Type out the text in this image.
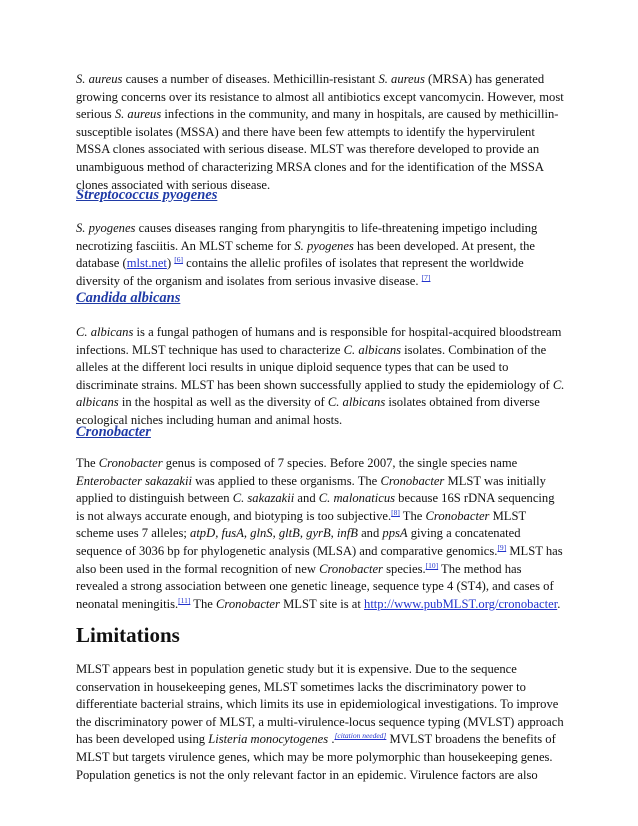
S. aureus causes a number of diseases. Methicillin-resistant S. aureus (MRSA) has generated growing concerns over its resistance to almost all antibiotics except vancomycin. However, most serious S. aureus infections in the community, and many in hospitals, are caused by methicillin-susceptible isolates (MSSA) and there have been few attempts to identify the hypervirulent MSSA clones associated with serious disease. MLST was therefore developed to provide an unambiguous method of characterizing MRSA clones and for the identification of the MSSA clones associated with serious disease.

Streptococcus pyogenes

S. pyogenes causes diseases ranging from pharyngitis to life-threatening impetigo including necrotizing fasciitis. An MLST scheme for S. pyogenes has been developed. At present, the database (mlst.net) [6] contains the allelic profiles of isolates that represent the worldwide diversity of the organism and isolates from serious invasive disease. [7]

Candida albicans

C. albicans is a fungal pathogen of humans and is responsible for hospital-acquired bloodstream infections. MLST technique has used to characterize C. albicans isolates. Combination of the alleles at the different loci results in unique diploid sequence types that can be used to discriminate strains. MLST has been shown successfully applied to study the epidemiology of C. albicans in the hospital as well as the diversity of C. albicans isolates obtained from diverse ecological niches including human and animal hosts.

Cronobacter

The Cronobacter genus is composed of 7 species. Before 2007, the single species name Enterobacter sakazakii was applied to these organisms. The Cronobacter MLST was initially applied to distinguish between C. sakazakii and C. malonaticus because 16S rDNA sequencing is not always accurate enough, and biotyping is too subjective.[8] The Cronobacter MLST scheme uses 7 alleles; atpD, fusA, glnS, gltB, gyrB, infB and ppsA giving a concatenated sequence of 3036 bp for phylogenetic analysis (MLSA) and comparative genomics.[9] MLST has also been used in the formal recognition of new Cronobacter species.[10] The method has revealed a strong association between one genetic lineage, sequence type 4 (ST4), and cases of neonatal meningitis.[11] The Cronobacter MLST site is at http://www.pubMLST.org/cronobacter.

Limitations

MLST appears best in population genetic study but it is expensive. Due to the sequence conservation in housekeeping genes, MLST sometimes lacks the discriminatory power to differentiate bacterial strains, which limits its use in epidemiological investigations. To improve the discriminatory power of MLST, a multi-virulence-locus sequence typing (MVLST) approach has been developed using Listeria monocytogenes .[citation needed] MVLST broadens the benefits of MLST but targets virulence genes, which may be more polymorphic than housekeeping genes. Population genetics is not the only relevant factor in an epidemic. Virulence factors are also
